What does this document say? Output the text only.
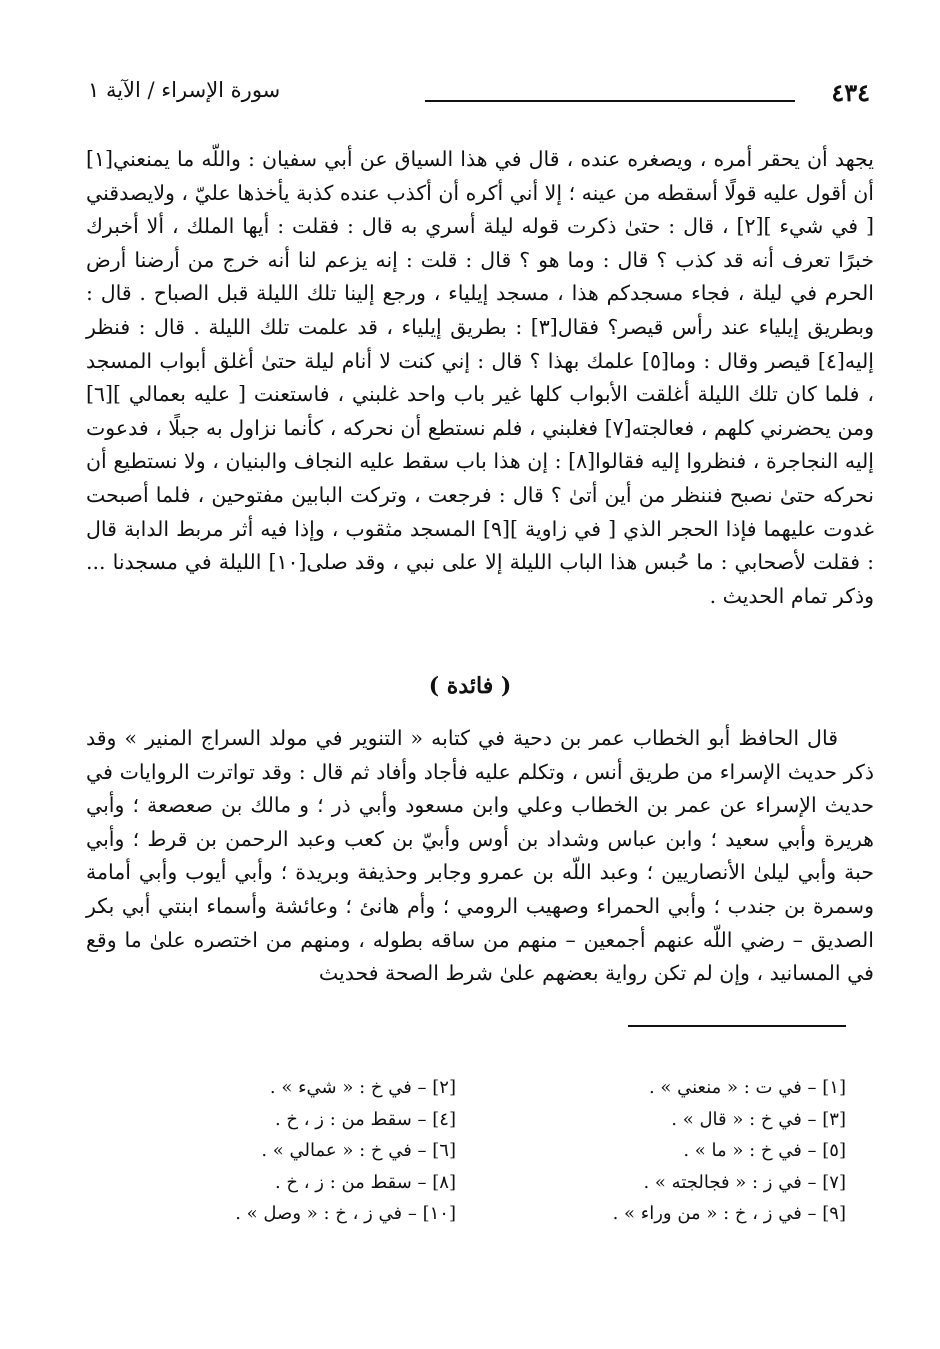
٤٣٤
سورة الإسراء / الآية ١

يجهد أن يحقر أمره ، ويصغره عنده ، قال في هذا السياق عن أبي سفيان : واللّه ما يمنعني[١] أن أقول عليه قولًا أسقطه من عينه ؛ إلا أني أكره أن أكذب عنده كذبة يأخذها عليّ ، ولايصدقني [ في شيء ][٢] ، قال : حتىٰ ذكرت قوله ليلة أسري به قال : فقلت : أيها الملك ، ألا أخبرك خبرًا تعرف أنه قد كذب ؟ قال : وما هو ؟ قال : قلت : إنه يزعم لنا أنه خرج من أرضنا أرض الحرم في ليلة ، فجاء مسجدكم هذا ، مسجد إيلياء ، ورجع إلينا تلك الليلة قبل الصباح . قال : وبطريق إيلياء عند رأس قيصر؟ فقال[٣] : بطريق إيلياء ، قد علمت تلك الليلة . قال : فنظر إليه[٤] قيصر وقال : وما[٥] علمك بهذا ؟ قال : إني كنت لا أنام ليلة حتىٰ أغلق أبواب المسجد ، فلما كان تلك الليلة أغلقت الأبواب كلها غير باب واحد غلبني ، فاستعنت [ عليه بعمالي ][٦] ومن يحضرني كلهم ، فعالجته[٧] فغلبني ، فلم نستطع أن نحركه ، كأنما نزاول به جبلًا ، فدعوت إليه النجاجرة ، فنظروا إليه فقالوا[٨] : إن هذا باب سقط عليه النجاف والبنيان ، ولا نستطيع أن نحركه حتىٰ نصبح فننظر من أين أتىٰ ؟ قال : فرجعت ، وتركت البابين مفتوحين ، فلما أصبحت غدوت عليهما فإذا الحجر الذي [ في زاوية ][٩] المسجد مثقوب ، وإذا فيه أثر مربط الدابة قال : فقلت لأصحابي : ما حُبس هذا الباب الليلة إلا على نبي ، وقد صلى[١٠] الليلة في مسجدنا ... وذكر تمام الحديث .

( فائدة )

قال الحافظ أبو الخطاب عمر بن دحية في كتابه « التنوير في مولد السراج المنير » وقد ذكر حديث الإسراء من طريق أنس ، وتكلم عليه فأجاد وأفاد ثم قال : وقد تواترت الروايات في حديث الإسراء عن عمر بن الخطاب وعلي وابن مسعود وأبي ذر ؛ و مالك بن صعصعة ؛ وأبي هريرة وأبي سعيد ؛ وابن عباس وشداد بن أوس وأبيّ بن كعب وعبد الرحمن بن قرط ؛ وأبي حبة وأبي ليلىٰ الأنصاريين ؛ وعبد اللّه بن عمرو وجابر وحذيفة وبريدة ؛ وأبي أيوب وأبي أمامة وسمرة بن جندب ؛ وأبي الحمراء وصهيب الرومي ؛ وأم هانئ ؛ وعائشة وأسماء ابنتي أبي بكر الصديق – رضي اللّه عنهم أجمعين – منهم من ساقه بطوله ، ومنهم من اختصره علىٰ ما وقع في المسانيد ، وإن لم تكن رواية بعضهم علىٰ شرط الصحة فحديث

[١] – في ت : « منعني » .
[٢] – في خ : « شيء » .
[٣] – في خ : « قال » .
[٤] – سقط من : ز ، خ .
[٥] – في خ : « ما » .
[٦] – في خ : « عمالي » .
[٧] – في ز : « فجالجته » .
[٨] – سقط من : ز ، خ .
[٩] – في ز ، خ : « من وراء » .
[١٠] – في ز ، خ : « وصل » .
